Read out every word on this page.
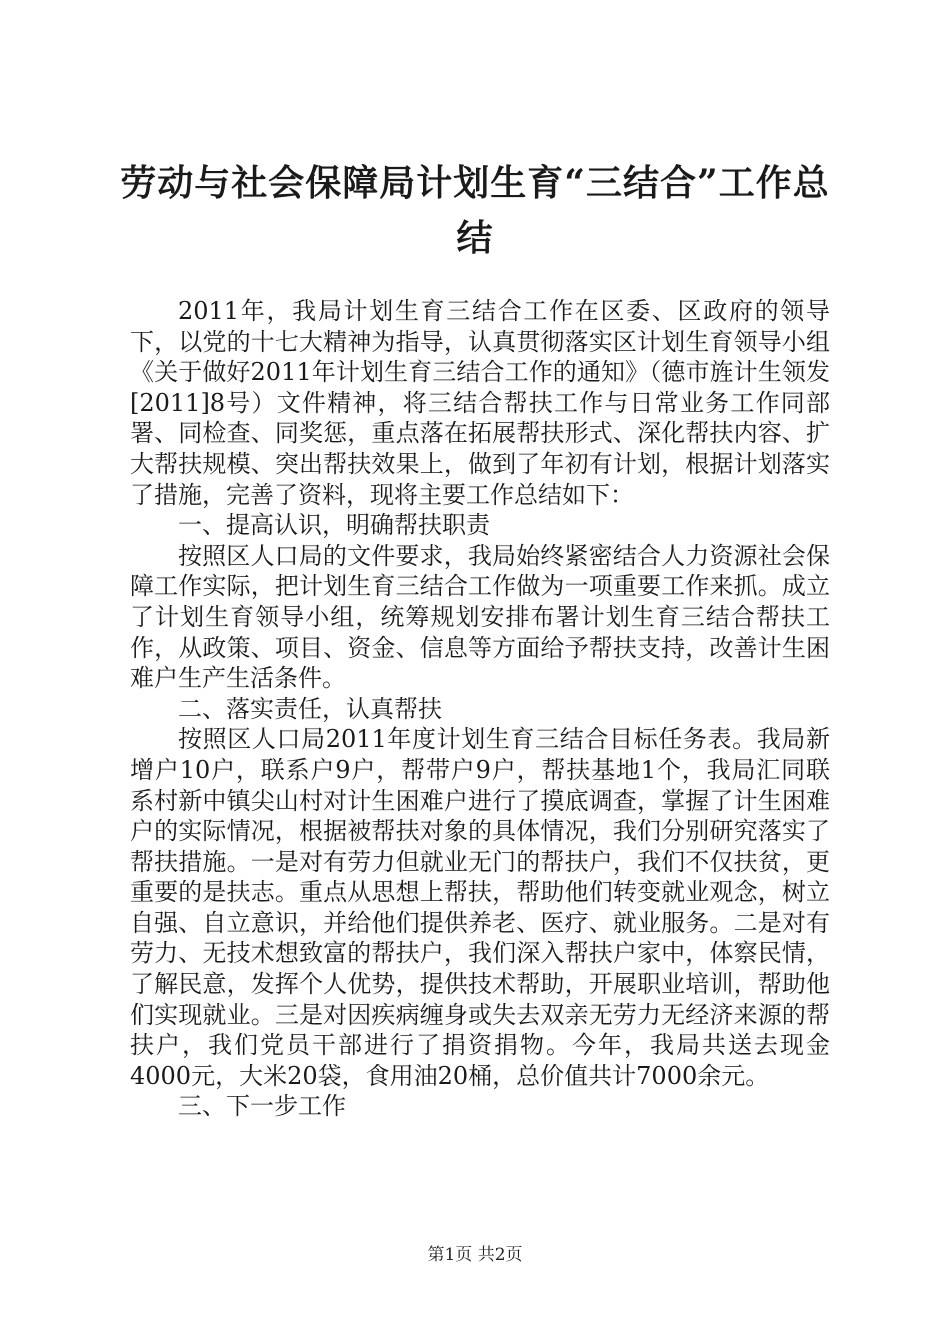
劳动与社会保障局计划生育“三结合”工作总结

2011年，我局计划生育三结合工作在区委、区政府的领导下，以党的十七大精神为指导，认真贯彻落实区计划生育领导小组《关于做好2011年计划生育三结合工作的通知》（德市旌计生领发[2011]8号）文件精神，将三结合帮扶工作与日常业务工作同部署、同检查、同奖惩，重点落在拓展帮扶形式、深化帮扶内容、扩大帮扶规模、突出帮扶效果上，做到了年初有计划，根据计划落实了措施，完善了资料，现将主要工作总结如下：

一、提高认识，明确帮扶职责

按照区人口局的文件要求，我局始终紧密结合人力资源社会保障工作实际，把计划生育三结合工作做为一项重要工作来抓。成立了计划生育领导小组，统筹规划安排布署计划生育三结合帮扶工作，从政策、项目、资金、信息等方面给予帮扶支持，改善计生困难户生产生活条件。

二、落实责任，认真帮扶

按照区人口局2011年度计划生育三结合目标任务表。我局新增户10户，联系户9户，帮带户9户，帮扶基地1个，我局汇同联系村新中镇尖山村对计生困难户进行了摸底调查，掌握了计生困难户的实际情况，根据被帮扶对象的具体情况，我们分别研究落实了帮扶措施。一是对有劳力但就业无门的帮扶户，我们不仅扶贫，更重要的是扶志。重点从思想上帮扶，帮助他们转变就业观念，树立自强、自立意识，并给他们提供养老、医疗、就业服务。二是对有劳力、无技术想致富的帮扶户，我们深入帮扶户家中，体察民情，了解民意，发挥个人优势，提供技术帮助，开展职业培训，帮助他们实现就业。三是对因疾病缠身或失去双亲无劳力无经济来源的帮扶户，我们党员干部进行了捐资捐物。今年，我局共送去现金4000元，大米20袋，食用油20桶，总价值共计7000余元。

三、下一步工作

第1页 共2页
